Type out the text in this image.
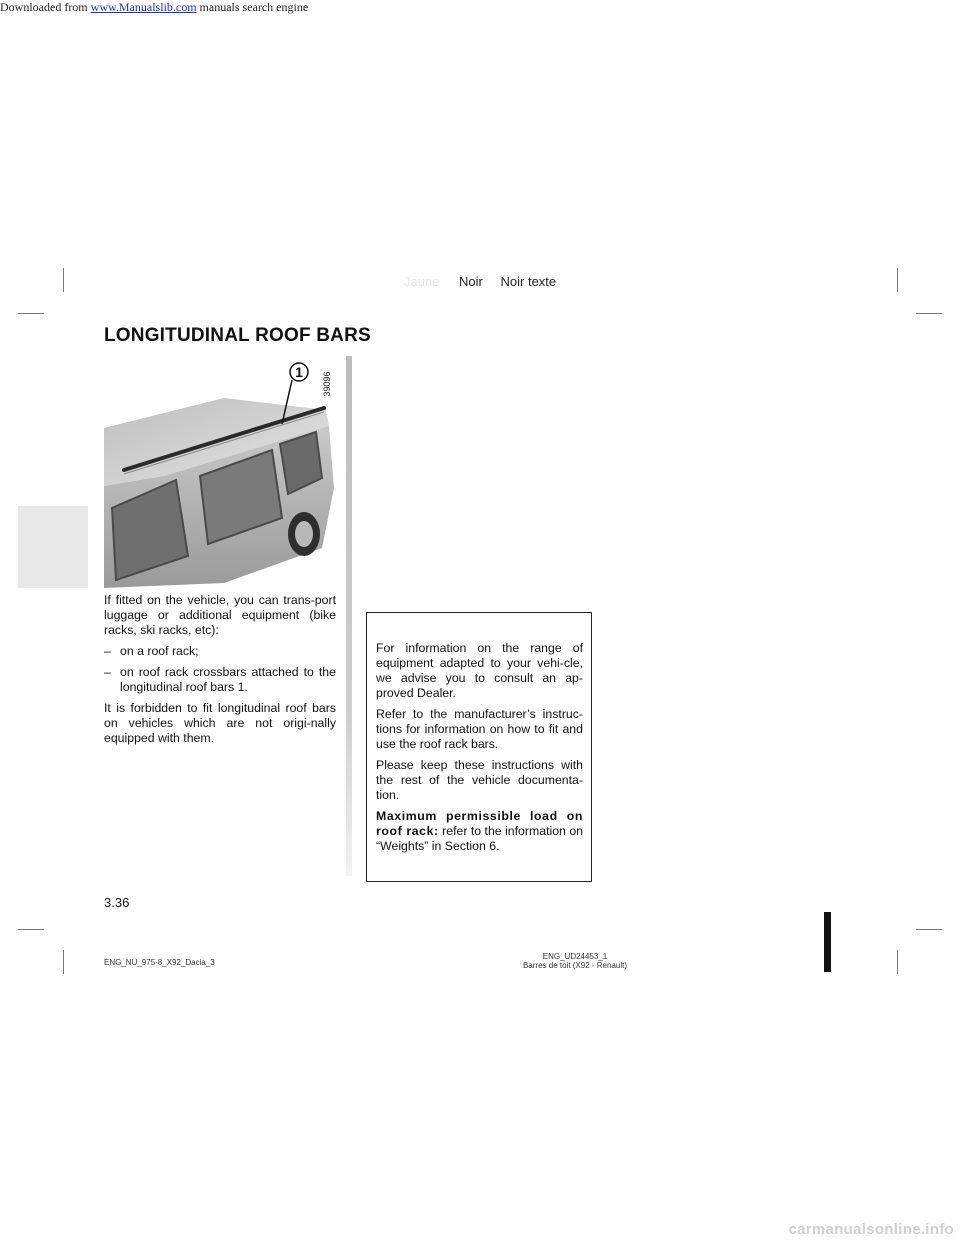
Downloaded from www.Manualslib.com manuals search engine
Jaune Noir Noir texte
LONGITUDINAL ROOF BARS
1 39096

If fitted on the vehicle, you can trans-port luggage or additional equipment (bike racks, ski racks, etc):

– on a roof rack;
– on roof rack crossbars attached to the longitudinal roof bars 1.

It is forbidden to fit longitudinal roof bars on vehicles which are not origi-nally equipped with them.

For information on the range of equipment adapted to your vehi-cle, we advise you to consult an ap-proved Dealer.

Refer to the manufacturer’s instruc-tions for information on how to fit and use the roof rack bars.

Please keep these instructions with the rest of the vehicle documenta-tion.

Maximum permissible load on roof rack: refer to the information on “Weights” in Section 6.

3.36
ENG_NU_975-8_X92_Dacia_3
ENG_UD24453_1
Barres de toit (X92 - Renault)
carmanualsonline.info
